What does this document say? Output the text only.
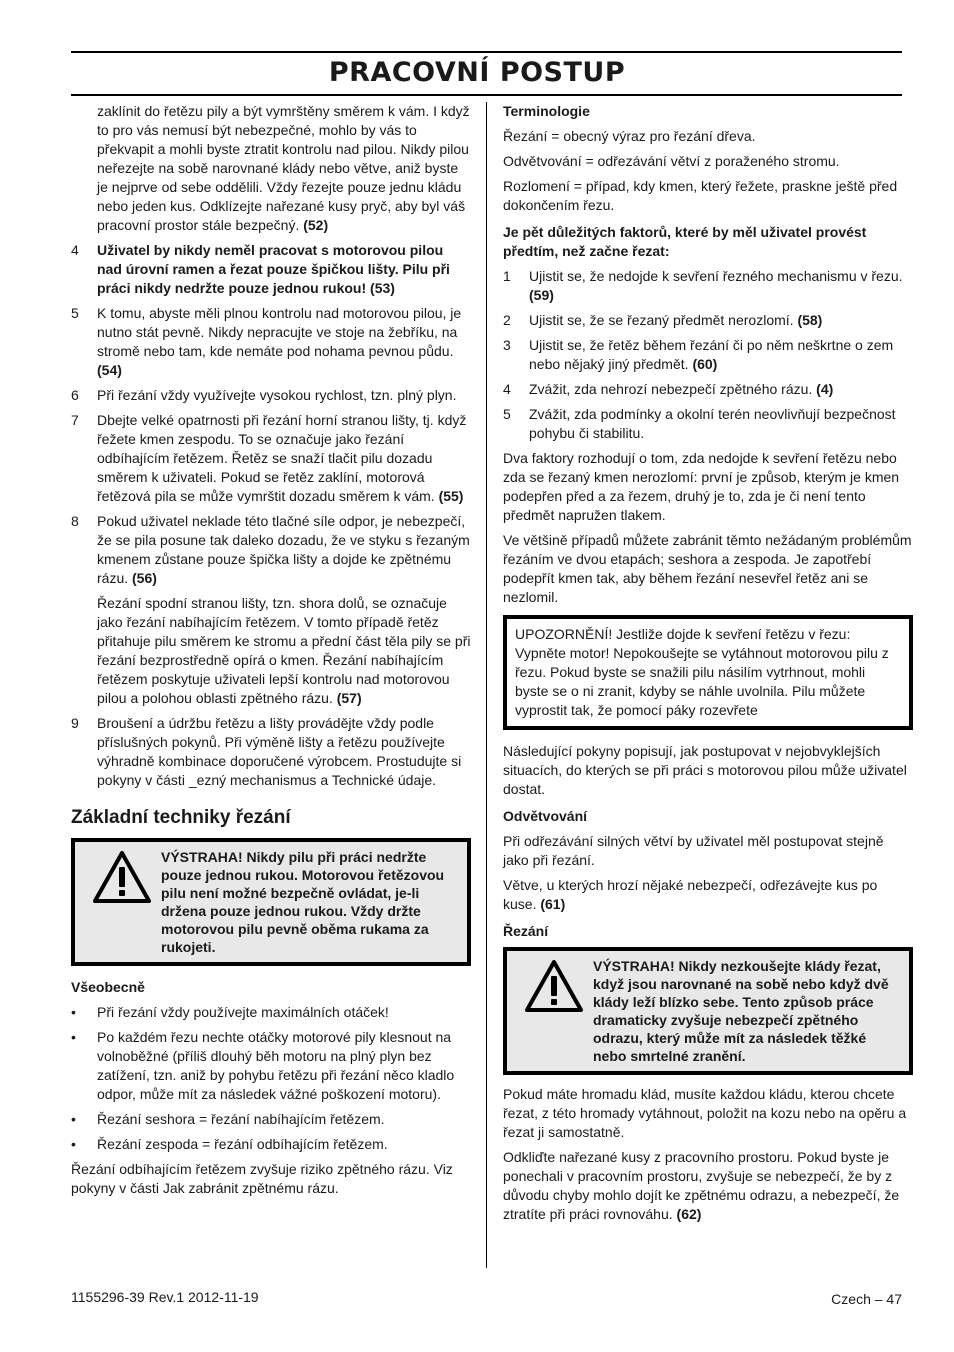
PRACOVNÍ POSTUP

zaklínit do řetězu pily a být vymrštěny směrem k vám. I když to pro vás nemusí být nebezpečné, mohlo by vás to překvapit a mohli byste ztratit kontrolu nad pilou. Nikdy pilou neřezejte na sobě narovnané klády nebo větve, aniž byste je nejprve od sebe oddělili. Vždy řezejte pouze jednu kládu nebo jeden kus. Odklízejte nařezané kusy pryč, aby byl váš pracovní prostor stále bezpečný. (52)

4	Uživatel by nikdy neměl pracovat s motorovou pilou nad úrovní ramen a řezat pouze špičkou lišty. Pilu při práci nikdy nedržte pouze jednou rukou! (53)
5	K tomu, abyste měli plnou kontrolu nad motorovou pilou, je nutno stát pevně. Nikdy nepracujte ve stoje na žebříku, na stromě nebo tam, kde nemáte pod nohama pevnou půdu. (54)
6	Při řezání vždy využívejte vysokou rychlost, tzn. plný plyn.
7	Dbejte velké opatrnosti při řezání horní stranou lišty, tj. když řežete kmen zespodu. To se označuje jako řezání odbíhajícím řetězem. Řetěz se snaží tlačit pilu dozadu směrem k uživateli. Pokud se řetěz zaklíní, motorová řetězová pila se může vymrštit dozadu směrem k vám. (55)
8	Pokud uživatel nekladе této tlačné síle odpor, je nebezpečí, že se pila posune tak daleko dozadu, že ve styku s řezaným kmenem zůstane pouze špička lišty a dojde ke zpětnému rázu. (56)

Řezání spodní stranou lišty, tzn. shora dolů, se označuje jako řezání nabíhajícím řetězem. V tomto případě řetěz přitahuje pilu směrem ke stromu a přední část těla pily se při řezání bezprostředně opírá o kmen. Řezání nabíhajícím řetězem poskytuje uživateli lepší kontrolu nad motorovou pilou a polohou oblasti zpětného rázu. (57)

9	Broušení a údržbu řetězu a lišty provádějte vždy podle příslušných pokynů. Při výměně lišty a řetězu používejte výhradně kombinace doporučené výrobcem. Prostudujte si pokyny v části _ezný mechanismus a Technické údaje.
Základní techniky řezání
VÝSTRAHA! Nikdy pilu při práci nedržte pouze jednou rukou. Motorovou řetězovou pilu není možné bezpečně ovládat, je-li držena pouze jednou rukou. Vždy držte motorovou pilu pevně oběma rukama za rukojeti.
Všeobecně
•	Při řezání vždy používejte maximálních otáček!
•	Po každém řezu nechte otáčky motorové pily klesnout na volnoběžné (příliš dlouhý běh motoru na plný plyn bez zatížení, tzn. aniž by pohybu řetězu při řezání něco kladlo odpor, může mít za následek vážné poškození motoru).
•	Řezání seshora = řezání nabíhajícím řetězem.
•	Řezání zespoda = řezání odbíhajícím řetězem.

Řezání odbíhajícím řetězem zvyšuje riziko zpětného rázu. Viz pokyny v části Jak zabránit zpětnému rázu.

Terminologie

Řezání = obecný výraz pro řezání dřeva.

Odvětvování = odřezávání větví z poraženého stromu.

Rozlomení = případ, kdy kmen, který řežete, praskne ještě před dokončením řezu.

Je pět důležitých faktorů, které by měl uživatel provést předtím, než začne řezat:
1	Ujistit se, že nedojde k sevření řezného mechanismu v řezu. (59)
2	Ujistit se, že se řezaný předmět nerozlomí. (58)
3	Ujistit se, že řetěz během řezání či po něm neškrtne o zem nebo nějaký jiný předmět. (60)
4	Zvážit, zda nehrozí nebezpečí zpětného rázu. (4)
5	Zvážit, zda podmínky a okolní terén neovlivňují bezpečnost pohybu či stabilitu.

Dva faktory rozhodují o tom, zda nedojde k sevření řetězu nebo zda se řezaný kmen nerozlomí: první je způsob, kterým je kmen podepřen před a za řezem, druhý je to, zda je či není tento předmět napružen tlakem.

Ve většině případů můžete zabránit těmto nežádaným problémům řezáním ve dvou etapách; seshora a zespoda. Je zapotřebí podepřít kmen tak, aby během řezání nesevřel řetěz ani se nezlomil.

UPOZORNĚNÍ! Jestliže dojde k sevření řetězu v řezu: Vypněte motor! Nepokoušejte se vytáhnout motorovou pilu z řezu. Pokud byste se snažili pilu násilím vytrhnout, mohli byste se o ni zranit, kdyby se náhle uvolnila. Pilu můžete vyprostit tak, že pomocí páky rozevřete

Následující pokyny popisují, jak postupovat v nejobvyklejších situacích, do kterých se při práci s motorovou pilou může uživatel dostat.

Odvětvování

Při odřezávání silných větví by uživatel měl postupovat stejně jako při řezání.

Větve, u kterých hrozí nějaké nebezpečí, odřezávejte kus po kuse. (61)

Řezání
VÝSTRAHA! Nikdy nezkoušejte klády řezat, když jsou narovnané na sobě nebo když dvě klády leží blízko sebe. Tento způsob práce dramaticky zvyšuje nebezpečí zpětného odrazu, který může mít za následek těžké nebo smrtelné zranění.

Pokud máte hromadu klád, musíte každou kládu, kterou chcete řezat, z této hromady vytáhnout, položit na kozu nebo na opěru a řezat ji samostatně.

Odkliďte nařezané kusy z pracovního prostoru. Pokud byste je ponechali v pracovním prostoru, zvyšuje se nebezpečí, že by z důvodu chyby mohlo dojít ke zpětnému odrazu, a nebezpečí, že ztratíte při práci rovnováhu. (62)

1155296-39 Rev.1 2012-11-19	Czech – 47
